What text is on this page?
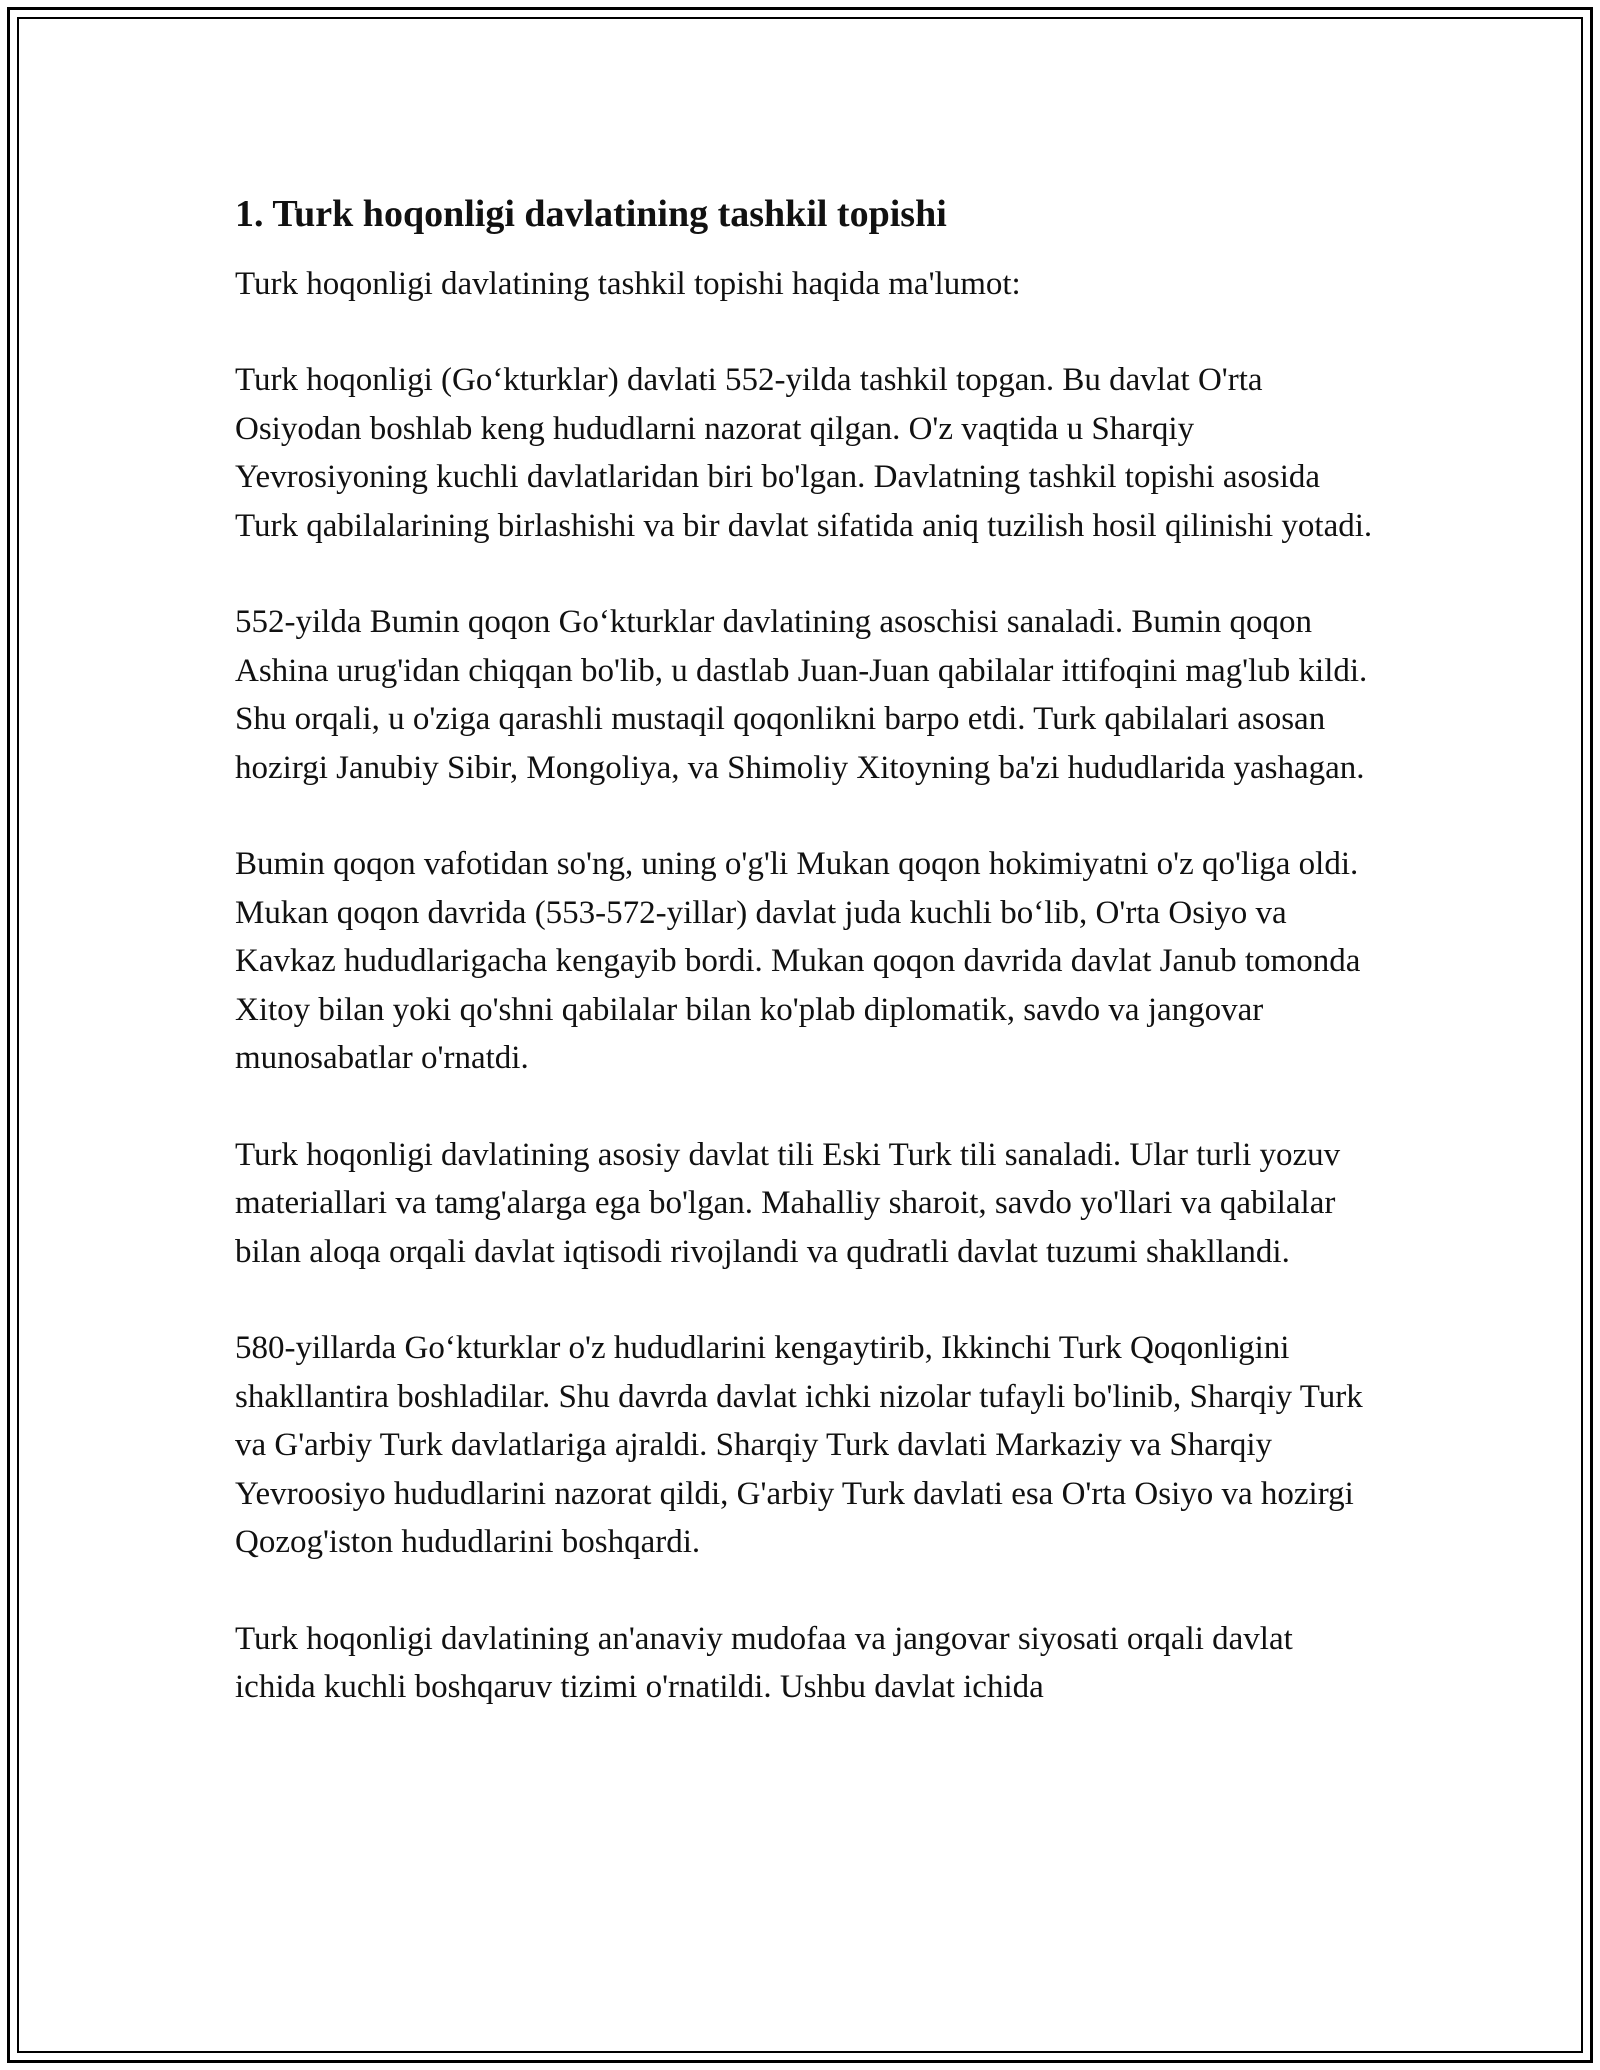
1. Turk hoqonligi davlatining tashkil topishi

Turk hoqonligi davlatining tashkil topishi haqida ma'lumot:

Turk hoqonligi (Go‘kturklar) davlati 552-yilda tashkil topgan. Bu davlat O'rta Osiyodan boshlab keng hududlarni nazorat qilgan. O'z vaqtida u Sharqiy Yevrosiyoning kuchli davlatlaridan biri bo'lgan. Davlatning tashkil topishi asosida Turk qabilalarining birlashishi va bir davlat sifatida aniq tuzilish hosil qilinishi yotadi.

552-yilda Bumin qoqon Go‘kturklar davlatining asoschisi sanaladi. Bumin qoqon Ashina urug'idan chiqqan bo'lib, u dastlab Juan-Juan qabilalar ittifoqini mag'lub kildi. Shu orqali, u o'ziga qarashli mustaqil qoqonlikni barpo etdi. Turk qabilalari asosan hozirgi Janubiy Sibir, Mongoliya, va Shimoliy Xitoyning ba'zi hududlarida yashagan.

Bumin qoqon vafotidan so'ng, uning o'g'li Mukan qoqon hokimiyatni o'z qo'liga oldi. Mukan qoqon davrida (553-572-yillar) davlat juda kuchli bo‘lib, O'rta Osiyo va Kavkaz hududlarigacha kengayib bordi. Mukan qoqon davrida davlat Janub tomonda Xitoy bilan yoki qo'shni qabilalar bilan ko'plab diplomatik, savdo va jangovar munosabatlar o'rnatdi.

Turk hoqonligi davlatining asosiy davlat tili Eski Turk tili sanaladi. Ular turli yozuv materiallari va tamg'alarga ega bo'lgan. Mahalliy sharoit, savdo yo'llari va qabilalar bilan aloqa orqali davlat iqtisodi rivojlandi va qudratli davlat tuzumi shakllandi.

580-yillarda Go‘kturklar o'z hududlarini kengaytirib, Ikkinchi Turk Qoqonligini shakllantira boshladilar. Shu davrda davlat ichki nizolar tufayli bo'linib, Sharqiy Turk va G'arbiy Turk davlatlariga ajraldi. Sharqiy Turk davlati Markaziy va Sharqiy Yevroosiyo hududlarini nazorat qildi, G'arbiy Turk davlati esa O'rta Osiyo va hozirgi Qozog'iston hududlarini boshqardi.

Turk hoqonligi davlatining an'anaviy mudofaa va jangovar siyosati orqali davlat ichida kuchli boshqaruv tizimi o'rnatildi. Ushbu davlat ichida
